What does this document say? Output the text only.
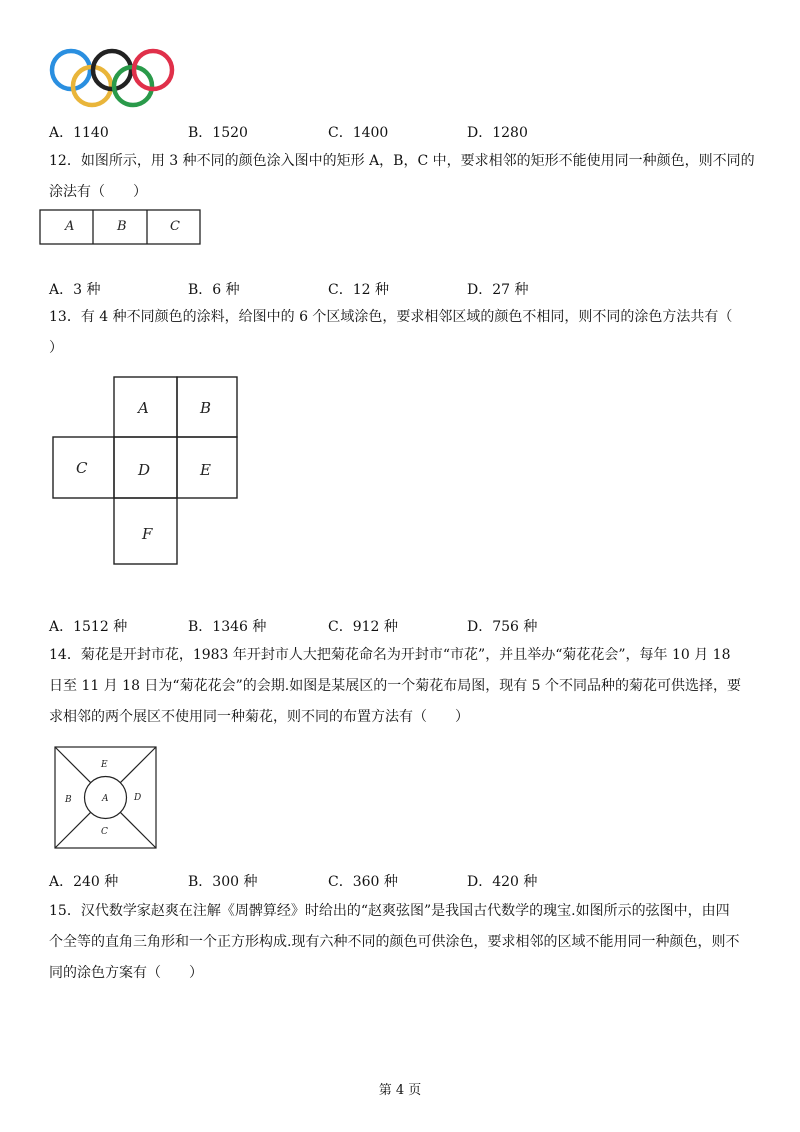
A．1140	B．1520	C．1400	D．1280
12．如图所示，用 3 种不同的颜色涂入图中的矩形 A，B，C 中，要求相邻的矩形不能使用同一种颜色，则不同的
涂法有（　　）
A	B	C
A．3 种	B．6 种	C．12 种	D．27 种
13．有 4 种不同颜色的涂料，给图中的 6 个区域涂色，要求相邻区域的颜色不相同，则不同的涂色方法共有（
）
A	B
C	D	E
F
A．1512 种	B．1346 种	C．912 种	D．756 种
14．菊花是开封市花，1983 年开封市人大把菊花命名为开封市“市花”，并且举办“菊花花会”，每年 10 月 18
日至 11 月 18 日为“菊花花会”的会期.如图是某展区的一个菊花布局图，现有 5 个不同品种的菊花可供选择，要
求相邻的两个展区不使用同一种菊花，则不同的布置方法有（　　）
E
B	A	D
C
A．240 种	B．300 种	C．360 种	D．420 种
15．汉代数学家赵爽在注解《周髀算经》时给出的“赵爽弦图”是我国古代数学的瑰宝.如图所示的弦图中，由四
个全等的直角三角形和一个正方形构成.现有六种不同的颜色可供涂色，要求相邻的区域不能用同一种颜色，则不
同的涂色方案有（　　）
第 4 页
